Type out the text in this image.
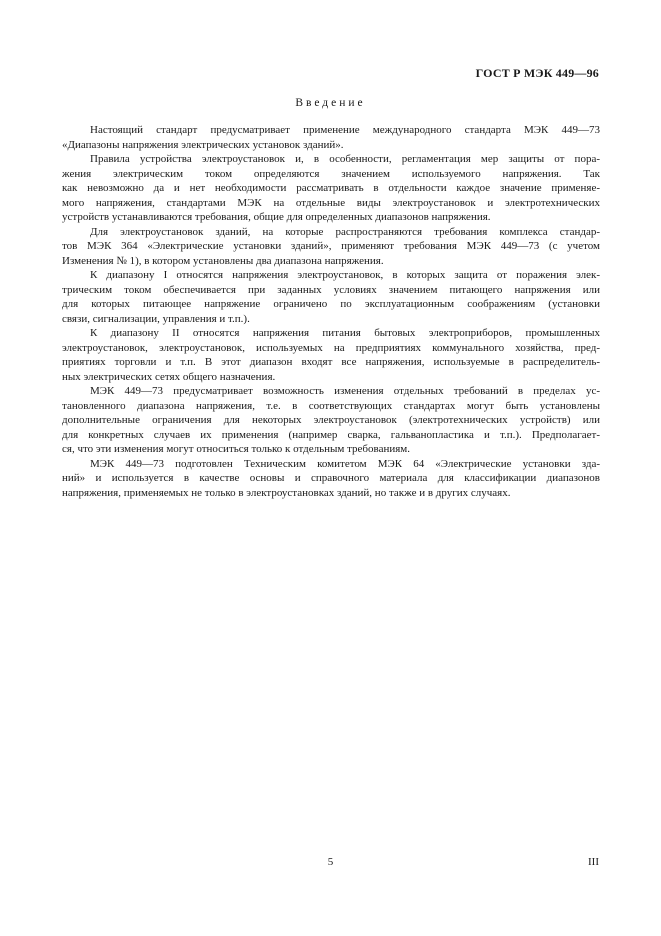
ГОСТ Р МЭК 449—96
Введение
Настоящий стандарт предусматривает применение международного стандарта МЭК 449—73
«Диапазоны напряжения электрических установок зданий».
Правила устройства электроустановок и, в особенности, регламентация мер защиты от пора-
жения электрическим током определяются значением используемого напряжения. Так
как невозможно да и нет необходимости рассматривать в отдельности каждое значение применяе-
мого напряжения, стандартами МЭК на отдельные виды электроустановок и электротехнических
устройств устанавливаются требования, общие для определенных диапазонов напряжения.
Для электроустановок зданий, на которые распространяются требования комплекса стандар-
тов МЭК 364 «Электрические установки зданий», применяют требования МЭК 449—73 (с учетом
Изменения № 1), в котором установлены два диапазона напряжения.
К диапазону I относятся напряжения электроустановок, в которых защита от поражения элек-
трическим током обеспечивается при заданных условиях значением питающего напряжения или
для которых питающее напряжение ограничено по эксплуатационным соображениям (установки
связи, сигнализации, управления и т.п.).
К диапазону II относятся напряжения питания бытовых электроприборов, промышленных
электроустановок, электроустановок, используемых на предприятиях коммунального хозяйства, пред-
приятиях торговли и т.п. В этот диапазон входят все напряжения, используемые в распределитель-
ных электрических сетях общего назначения.
МЭК 449—73 предусматривает возможность изменения отдельных требований в пределах ус-
тановленного диапазона напряжения, т.е. в соответствующих стандартах могут быть установлены
дополнительные ограничения для некоторых электроустановок (электротехнических устройств) или
для конкретных случаев их применения (например сварка, гальванопластика и т.п.). Предполагает-
ся, что эти изменения могут относиться только к отдельным требованиям.
МЭК 449—73 подготовлен Техническим комитетом МЭК 64 «Электрические установки зда-
ний» и используется в качестве основы и справочного материала для классификации диапазонов
напряжения, применяемых не только в электроустановках зданий, но также и в других случаях.
5	III
